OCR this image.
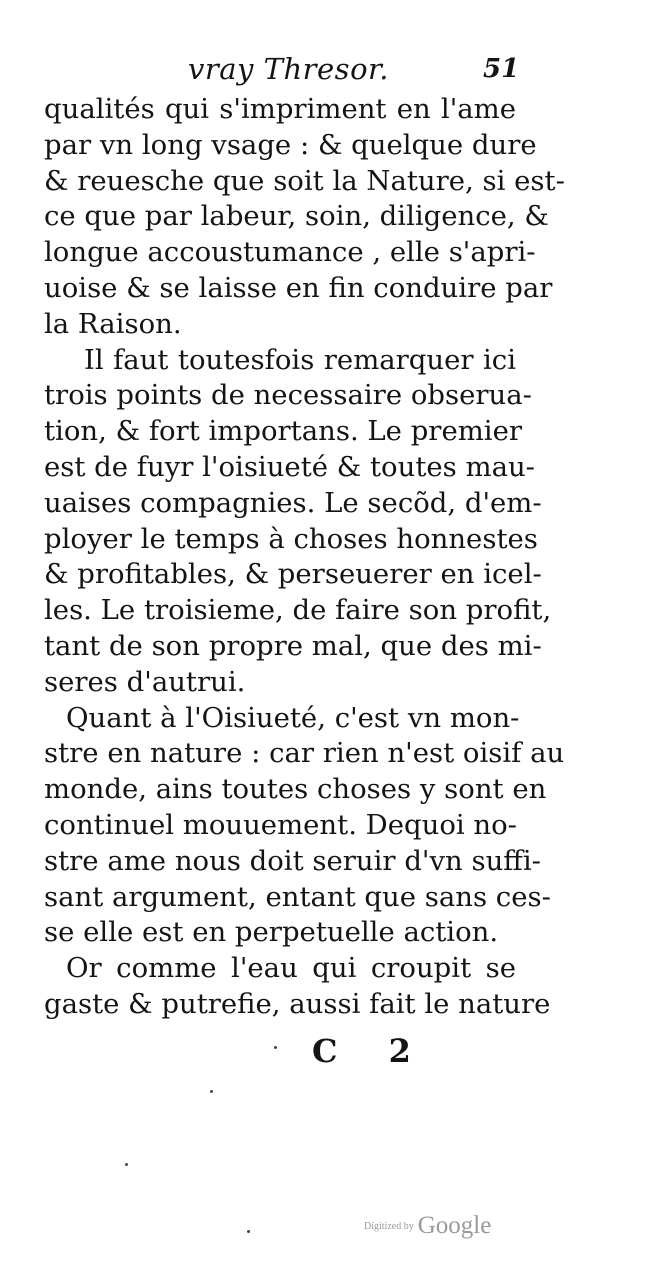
vray Thresor.	51
qualités qui s'impriment en l'ame
par vn long vsage : & quelque dure
& reuesche que soit la Nature, si est-
ce que par labeur, soin, diligence, &
longue accoustumance , elle s'apri-
uoise & se laisse en fin conduire par
la Raison.
Il faut toutesfois remarquer ici
trois points de necessaire obserua-
tion, & fort importans. Le premier
est de fuyr l'oisiueté & toutes mau-
uaises compagnies. Le secõd, d'em-
ployer le temps à choses honnestes
& profitables, & perseuerer en icel-
les. Le troisieme, de faire son profit,
tant de son propre mal, que des mi-
seres d'autrui.
Quant à l'Oisiueté, c'est vn mon-
stre en nature : car rien n'est oisif au
monde, ains toutes choses y sont en
continuel mouuement. Dequoi no-
stre ame nous doit seruir d'vn suffi-
sant argument, entant que sans ces-
se elle est en perpetuelle action.
Or comme l'eau qui croupit se
gaste & putrefie, aussi fait le nature
C 2
Digitized by Google
